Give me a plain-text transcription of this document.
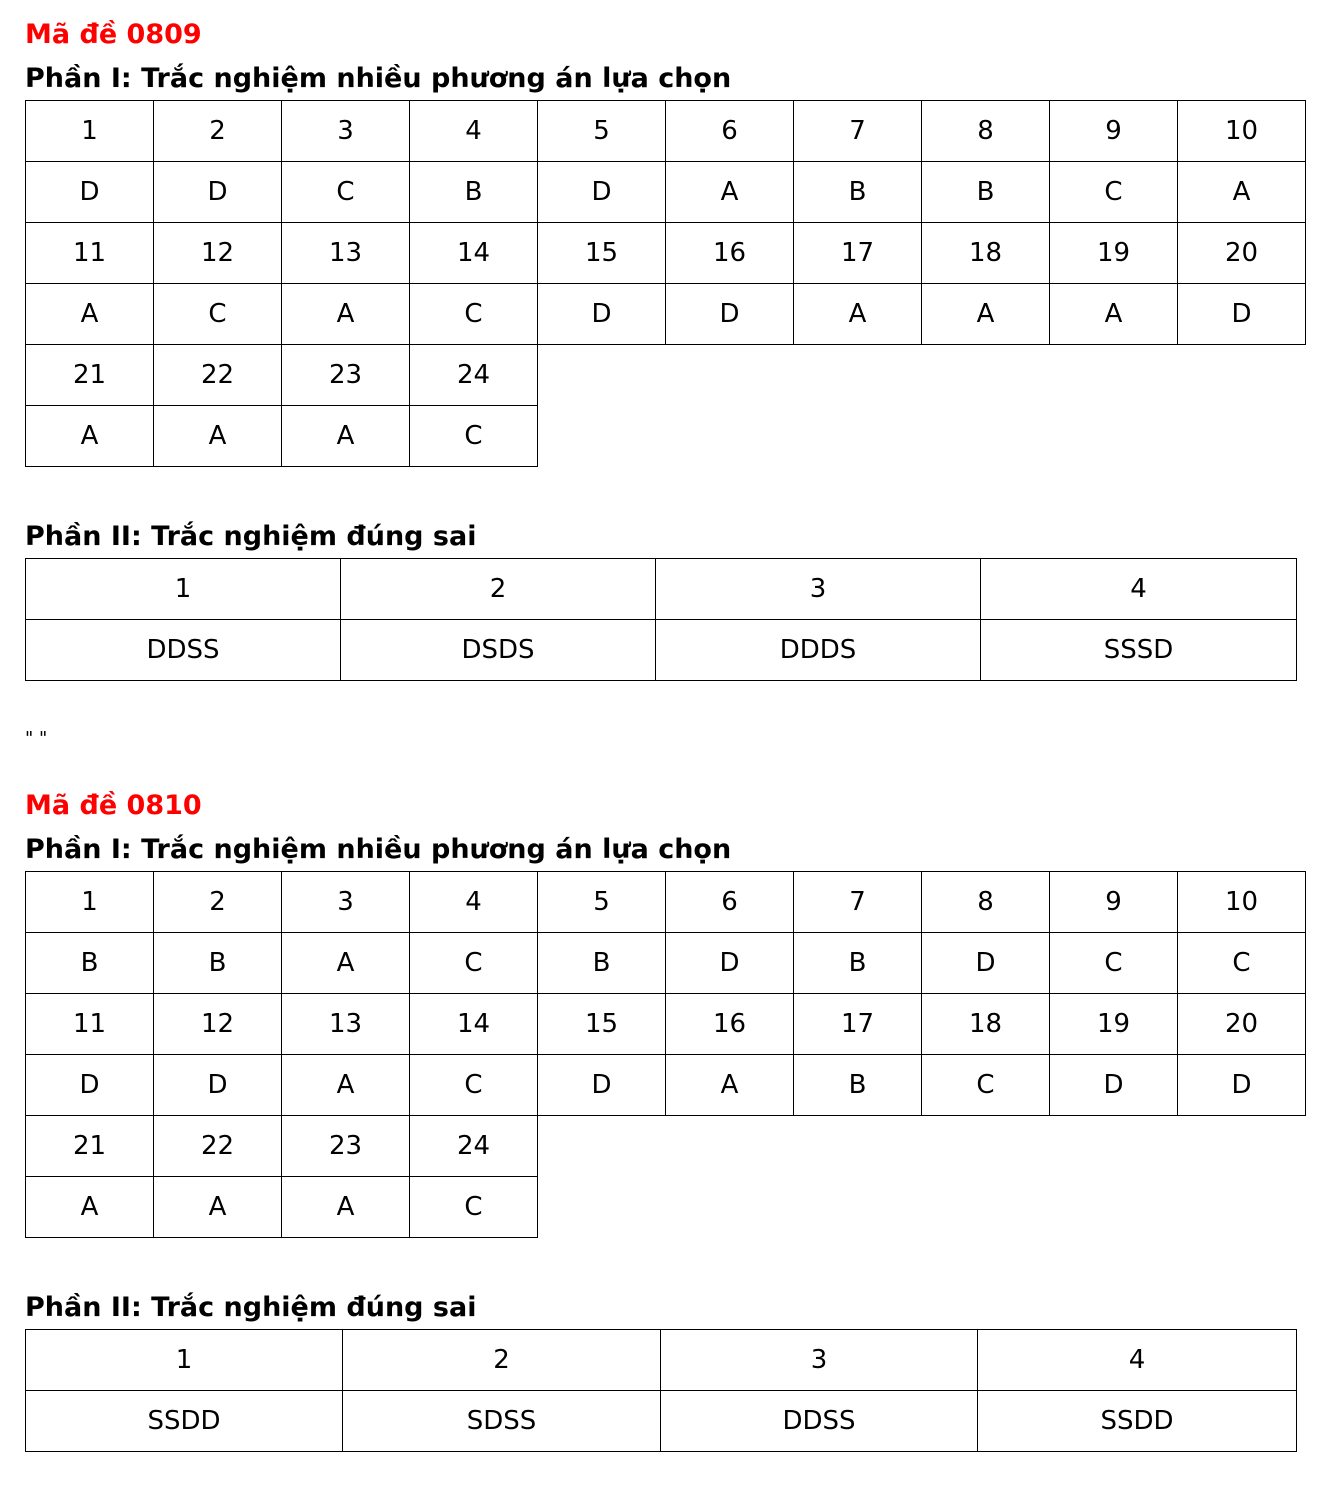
Mã đề 0809

Phần I: Trắc nghiệm nhiều phương án lựa chọn

1	2	3	4	5	6	7	8	9	10
D	D	C	B	D	A	B	B	C	A
11	12	13	14	15	16	17	18	19	20
A	C	A	C	D	D	A	A	A	D
21	22	23	24						
A	A	A	C						

Phần II: Trắc nghiệm đúng sai

1	2	3	4
DDSS	DSDS	DDDS	SSSD

" "

Mã đề 0810

Phần I: Trắc nghiệm nhiều phương án lựa chọn

1	2	3	4	5	6	7	8	9	10
B	B	A	C	B	D	B	D	C	C
11	12	13	14	15	16	17	18	19	20
D	D	A	C	D	A	B	C	D	D
21	22	23	24						
A	A	A	C						

Phần II: Trắc nghiệm đúng sai

1	2	3	4
SSDD	SDSS	DDSS	SSDD
